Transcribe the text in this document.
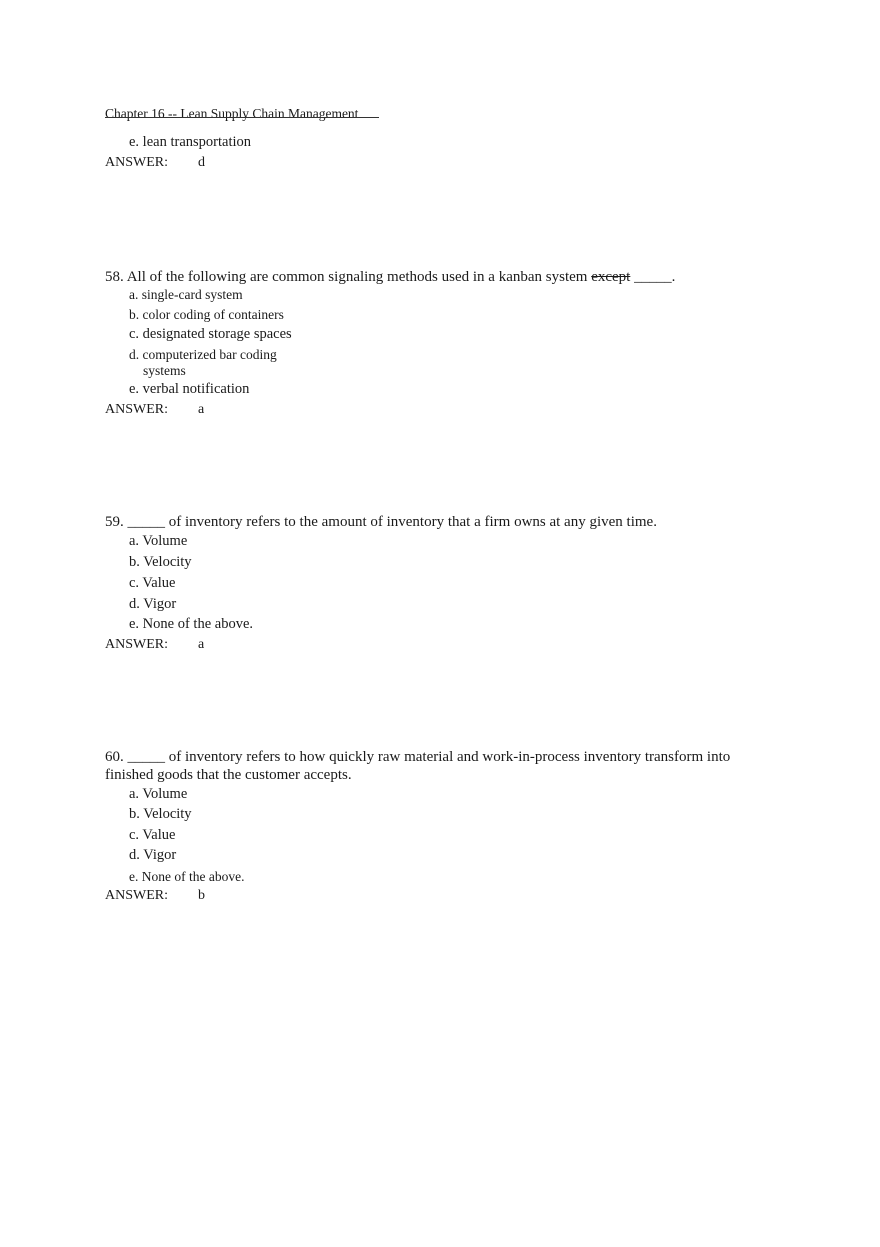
Chapter 16 -- Lean Supply Chain Management
e. lean transportation
ANSWER: d
58. All of the following are common signaling methods used in a kanban system except _____.
a. single-card system
b. color coding of containers
c. designated storage spaces
d. computerized bar coding
systems
e. verbal notification
ANSWER: a
59. _____ of inventory refers to the amount of inventory that a firm owns at any given time.
a. Volume
b. Velocity
c. Value
d. Vigor
e. None of the above.
ANSWER: a
60. _____ of inventory refers to how quickly raw material and work-in-process inventory transform into
finished goods that the customer accepts.
a. Volume
b. Velocity
c. Value
d. Vigor
e. None of the above.
ANSWER: b
